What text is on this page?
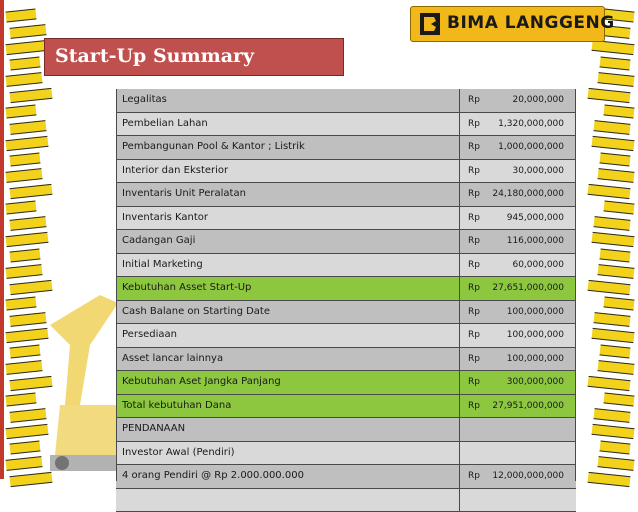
Start-Up Summary
BIMA LANGGENG
Legalitas	Rp	20,000,000
Pembelian Lahan	Rp 1,320,000,000
Pembangunan Pool & Kantor ; Listrik	Rp 1,000,000,000
Interior dan Eksterior	Rp	30,000,000
Inventaris Unit Peralatan	Rp 24,180,000,000
Inventaris Kantor	Rp	945,000,000
Cadangan Gaji	Rp	116,000,000
Initial Marketing	Rp	60,000,000
Kebutuhan Asset Start-Up	Rp 27,651,000,000
Cash Balane on Starting Date	Rp	100,000,000
Persediaan	Rp	100,000,000
Asset lancar lainnya	Rp	100,000,000
Kebutuhan Aset Jangka Panjang	Rp	300,000,000
Total kebutuhan Dana	Rp 27,951,000,000
PENDANAAN
Investor Awal (Pendiri)
4 orang Pendiri @ Rp 2.000.000.000	Rp 12,000,000,000
